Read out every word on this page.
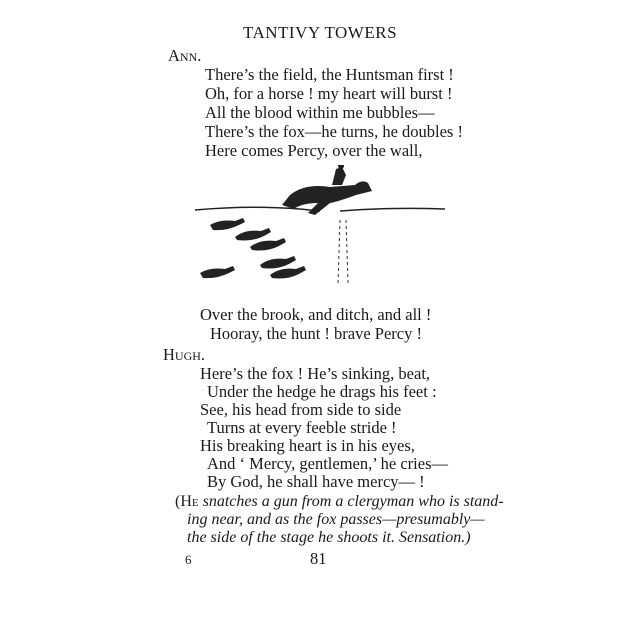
TANTIVY TOWERS
Ann.
There’s the field, the Huntsman first !
Oh, for a horse ! my heart will burst !
All the blood within me bubbles—
There’s the fox—he turns, he doubles !
Here comes Percy, over the wall,
Over the brook, and ditch, and all !
Hooray, the hunt ! brave Percy !
Hugh.
Here’s the fox ! He’s sinking, beat,
Under the hedge he drags his feet :
See, his head from side to side
Turns at every feeble stride !
His breaking heart is in his eyes,
And ‘ Mercy, gentlemen,’ he cries—
By God, he shall have mercy— !
(He snatches a gun from a clergyman who is stand-
ing near, and as the fox passes—presumably—
the side of the stage he shoots it. Sensation.)
6	81
